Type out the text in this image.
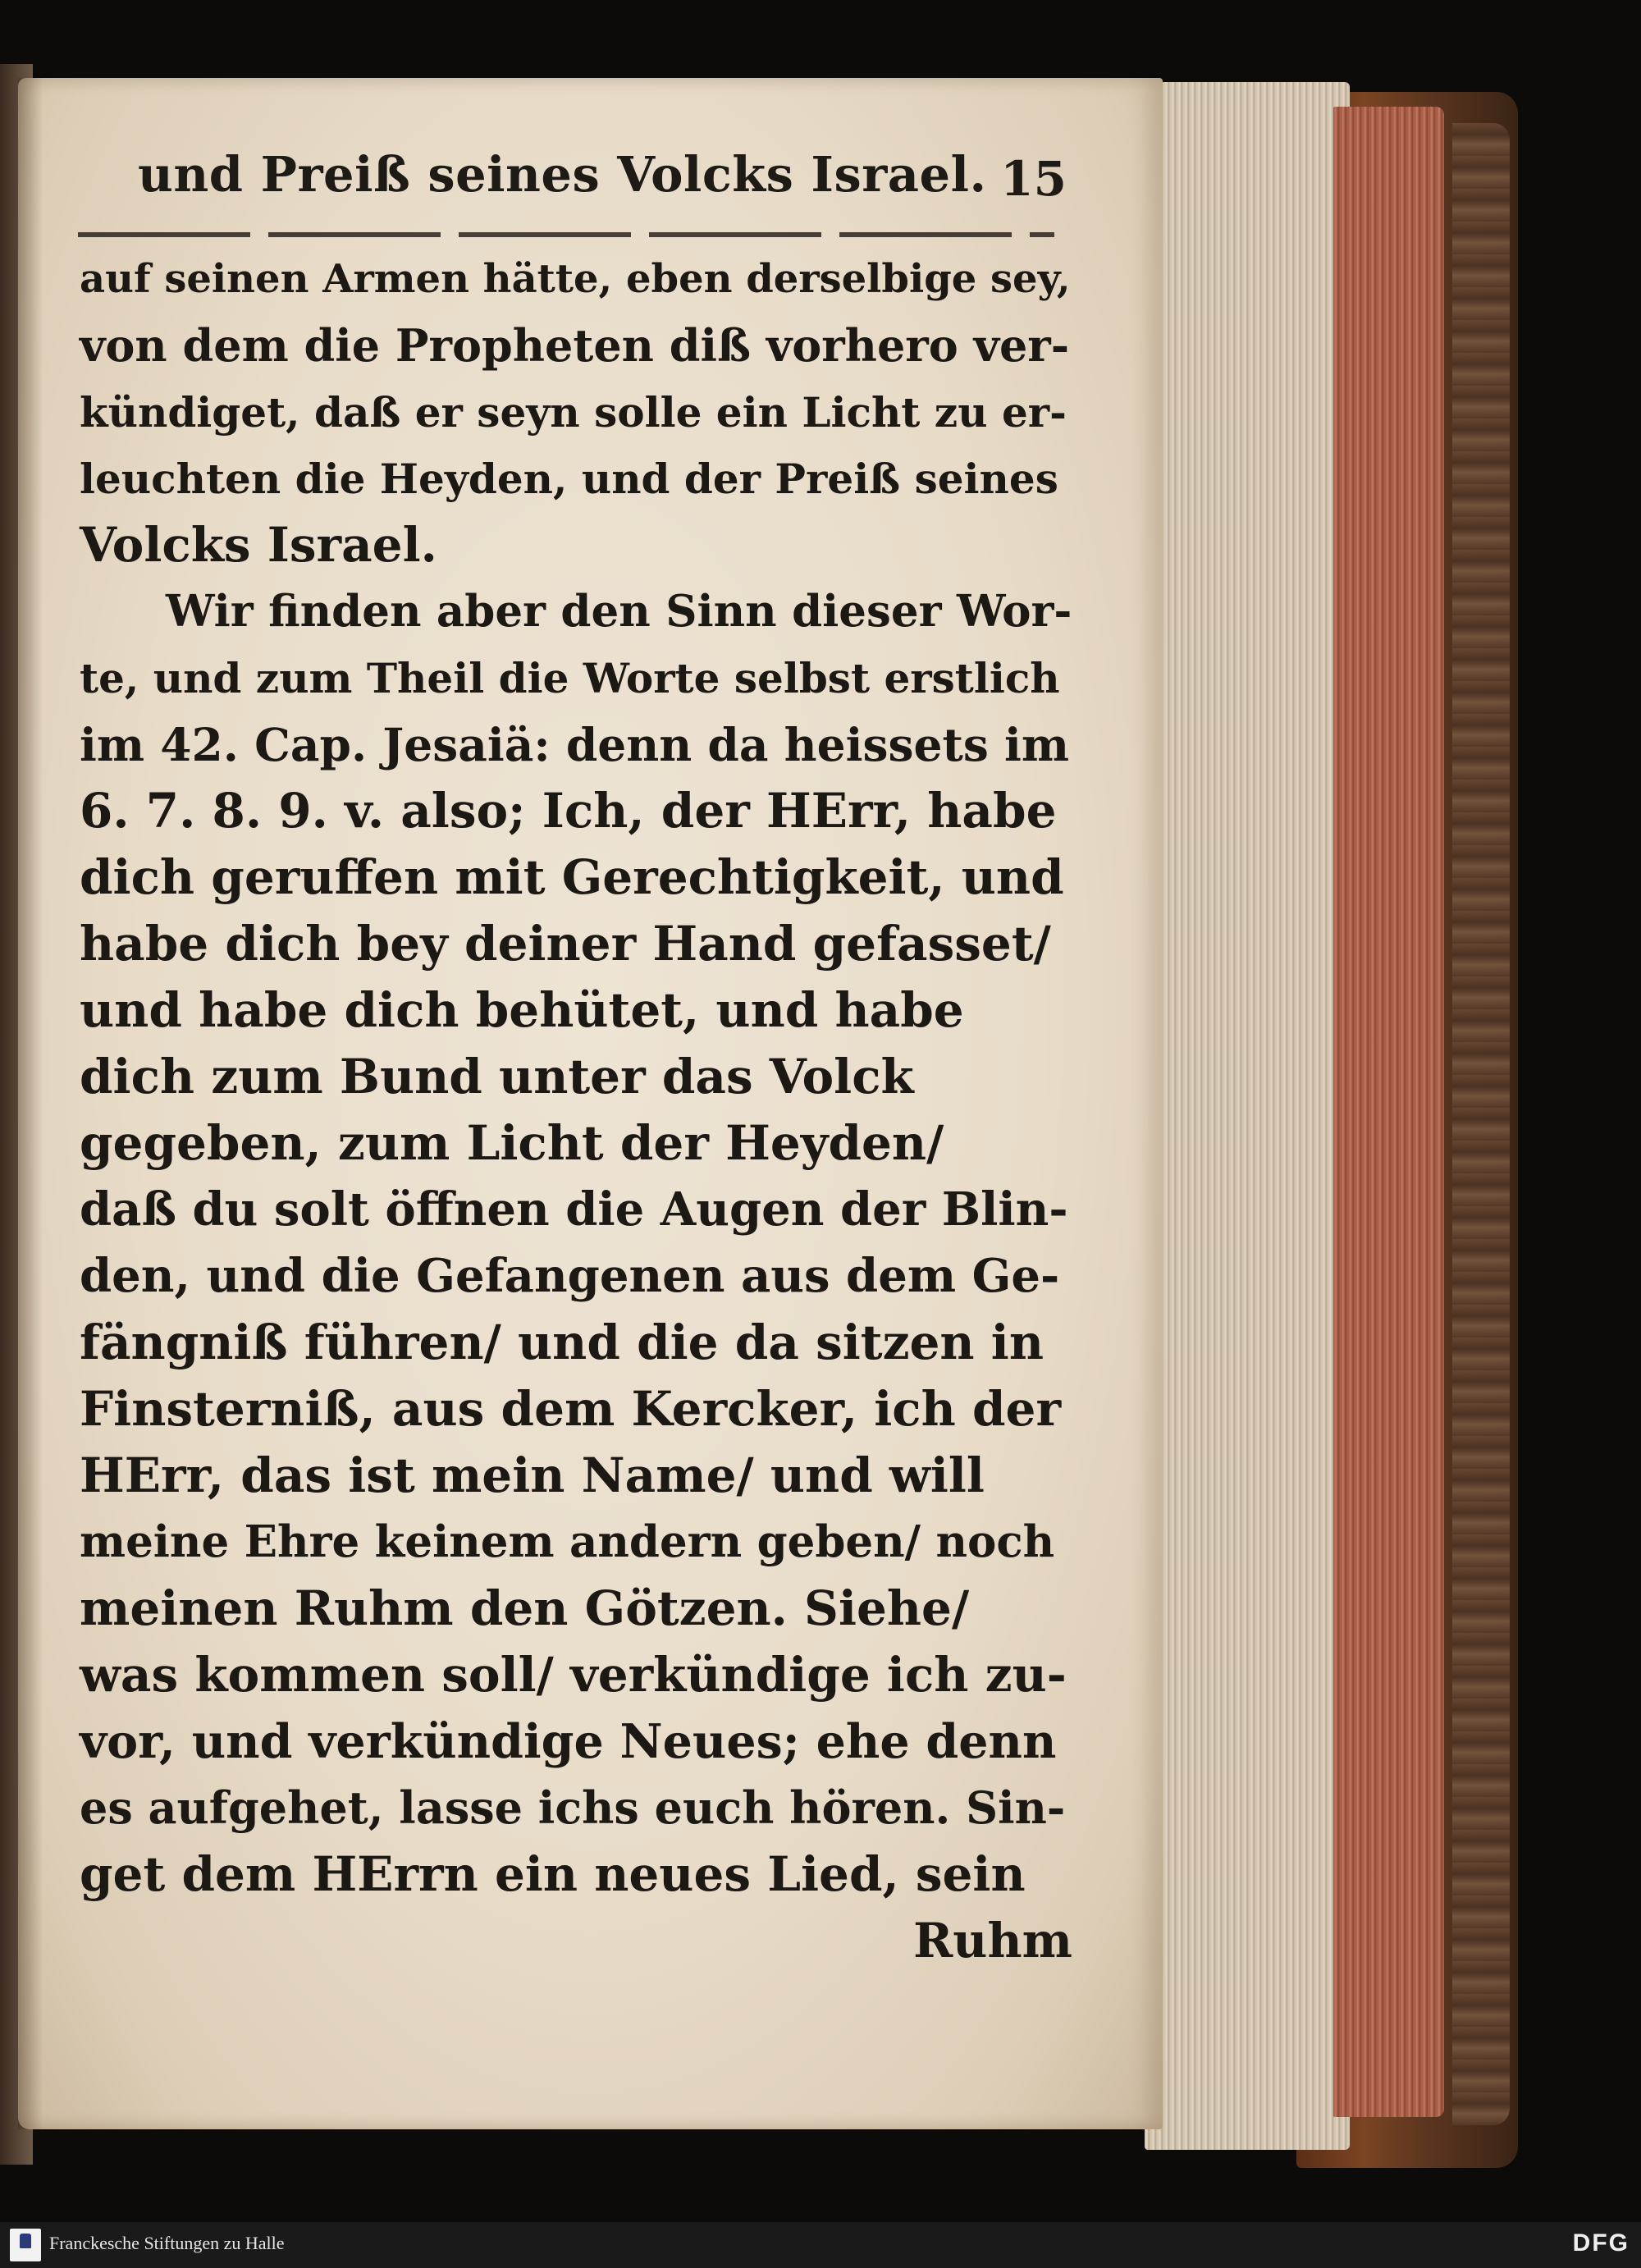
und Preiß seines Volcks Israel. 15
auf seinen Armen hätte, eben derselbige sey,
von dem die Propheten diß vorhero ver-
kündiget, daß er seyn solle ein Licht zu er-
leuchten die Heyden, und der Preiß seines
Volcks Israel.
Wir finden aber den Sinn dieser Wor-
te, und zum Theil die Worte selbst erstlich
im 42. Cap. Jesaiä: denn da heissets im
6. 7. 8. 9. v. also; Ich, der HErr, habe
dich geruffen mit Gerechtigkeit, und
habe dich bey deiner Hand gefasset/
und habe dich behütet, und habe
dich zum Bund unter das Volck
gegeben, zum Licht der Heyden/
daß du solt öffnen die Augen der Blin-
den, und die Gefangenen aus dem Ge-
fängniß führen/ und die da sitzen in
Finsterniß, aus dem Kercker, ich der
HErr, das ist mein Name/ und will
meine Ehre keinem andern geben/ noch
meinen Ruhm den Götzen. Siehe/
was kommen soll/ verkündige ich zu-
vor, und verkündige Neues; ehe denn
es aufgehet, lasse ichs euch hören. Sin-
get dem HErrn ein neues Lied, sein
Ruhm
Franckesche Stiftungen zu Halle	DFG
